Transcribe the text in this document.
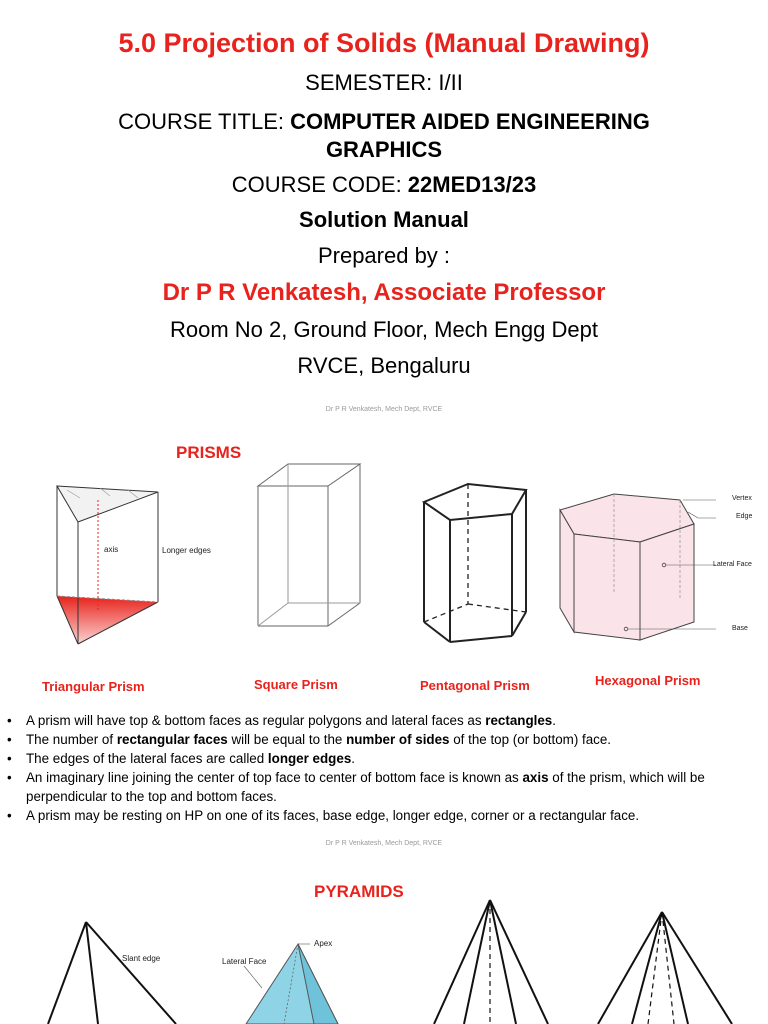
5.0 Projection of Solids (Manual Drawing)
SEMESTER: I/II
COURSE TITLE: COMPUTER AIDED ENGINEERING
GRAPHICS
COURSE CODE: 22MED13/23
Solution Manual
Prepared by :
Dr P R Venkatesh, Associate Professor
Room No 2, Ground Floor, Mech Engg Dept
RVCE, Bengaluru
Dr P R Venkatesh, Mech Dept, RVCE
PRISMS
axis	Longer edges
Vertex
Edge
Lateral Face
Base
Triangular Prism	Square Prism	Pentagonal Prism	Hexagonal Prism
• A prism will have top & bottom faces as regular polygons and lateral faces as rectangles.
• The number of rectangular faces will be equal to the number of sides of the top (or bottom) face.
• The edges of the lateral faces are called longer edges.
• An imaginary line joining the center of top face to center of bottom face is known as axis of the prism, which will be perpendicular to the top and bottom faces.
• A prism may be resting on HP on one of its faces, base edge, longer edge, corner or a rectangular face.
Dr P R Venkatesh, Mech Dept, RVCE
PYRAMIDS
Slant edge
Apex
Lateral Face
